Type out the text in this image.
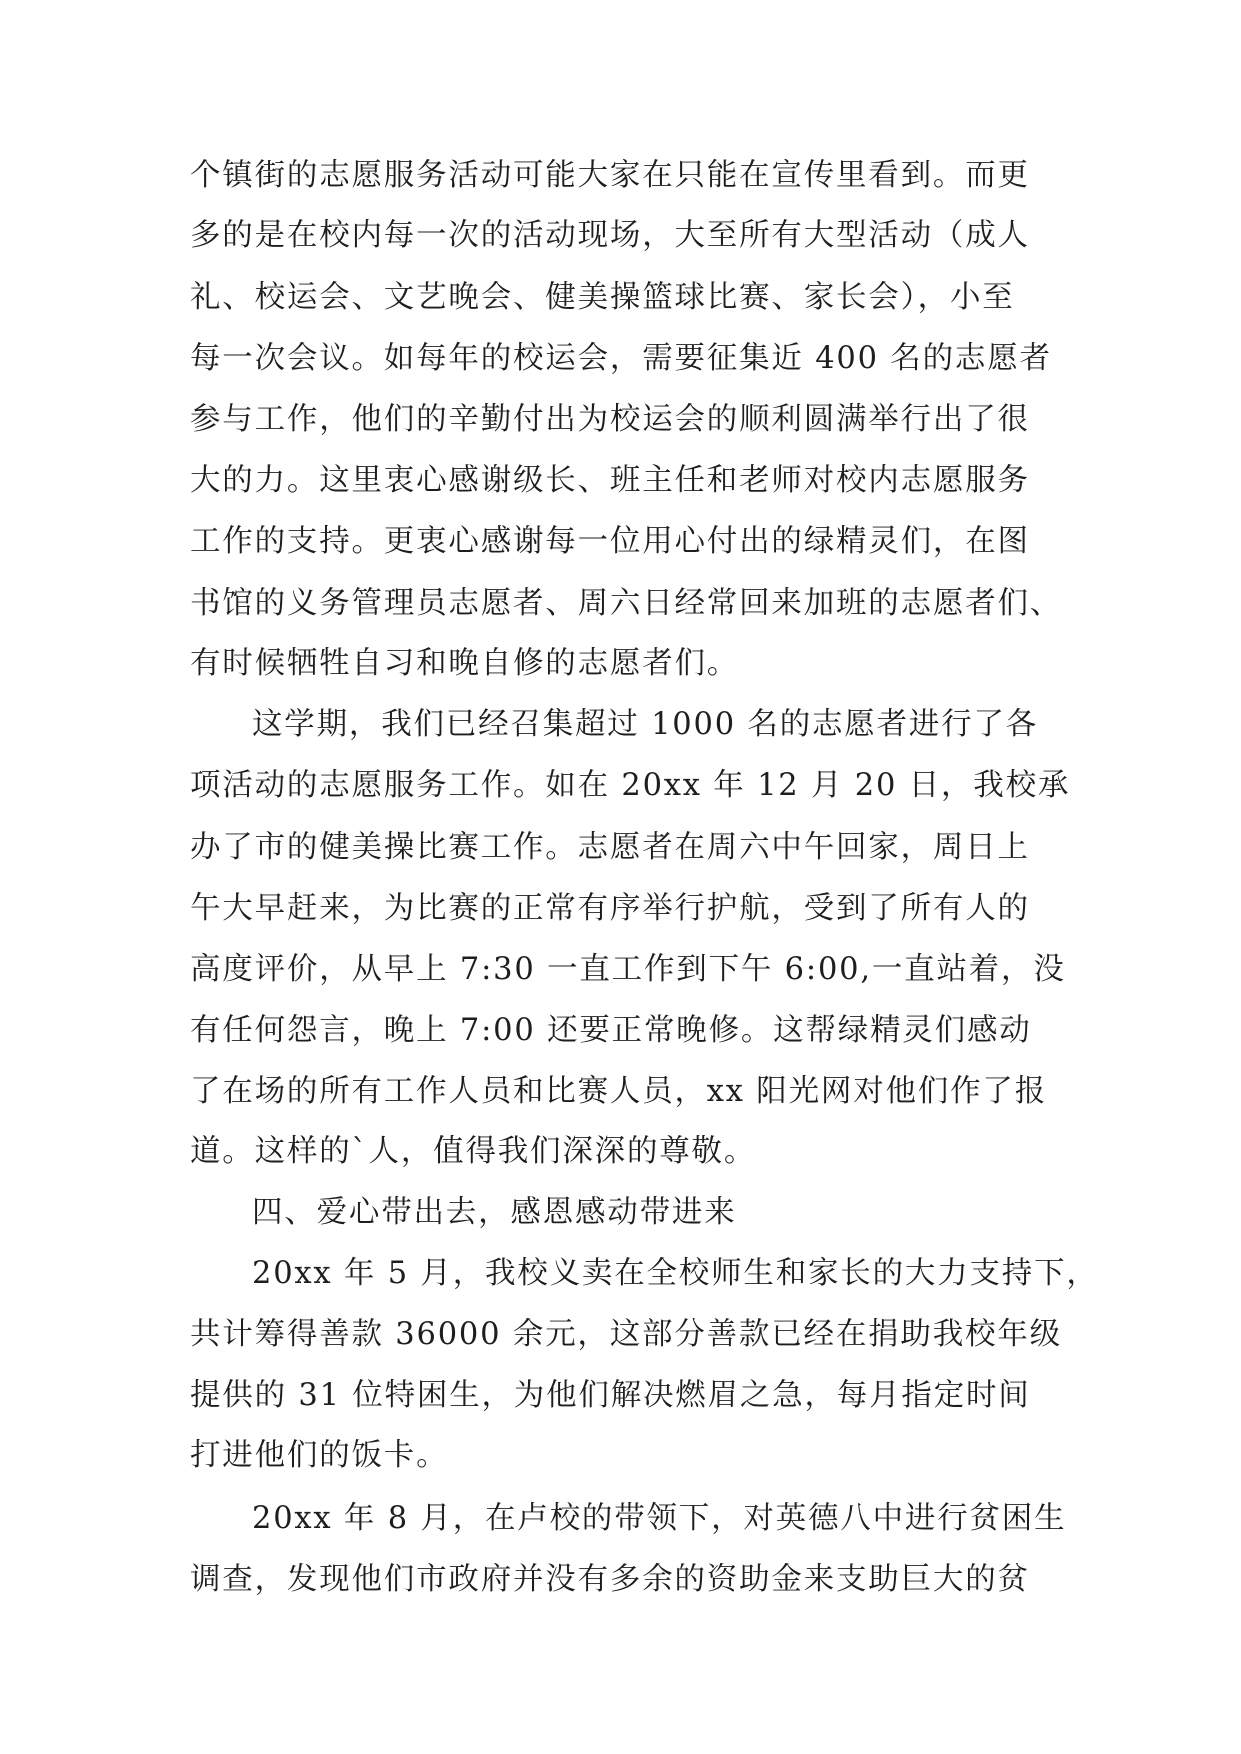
个镇街的志愿服务活动可能大家在只能在宣传里看到。而更
多的是在校内每一次的活动现场，大至所有大型活动（成人
礼、校运会、文艺晚会、健美操篮球比赛、家长会），小至
每一次会议。如每年的校运会，需要征集近 400 名的志愿者
参与工作，他们的辛勤付出为校运会的顺利圆满举行出了很
大的力。这里衷心感谢级长、班主任和老师对校内志愿服务
工作的支持。更衷心感谢每一位用心付出的绿精灵们，在图
书馆的义务管理员志愿者、周六日经常回来加班的志愿者们、
有时候牺牲自习和晚自修的志愿者们。
这学期，我们已经召集超过 1000 名的志愿者进行了各
项活动的志愿服务工作。如在 20xx 年 12 月 20 日，我校承
办了市的健美操比赛工作。志愿者在周六中午回家，周日上
午大早赶来，为比赛的正常有序举行护航，受到了所有人的
高度评价，从早上 7:30 一直工作到下午 6:00,一直站着，没
有任何怨言，晚上 7:00 还要正常晚修。这帮绿精灵们感动
了在场的所有工作人员和比赛人员，xx 阳光网对他们作了报
道。这样的`人，值得我们深深的尊敬。
四、爱心带出去，感恩感动带进来
20xx 年 5 月，我校义卖在全校师生和家长的大力支持下，
共计筹得善款 36000 余元，这部分善款已经在捐助我校年级
提供的 31 位特困生，为他们解决燃眉之急，每月指定时间
打进他们的饭卡。
20xx 年 8 月，在卢校的带领下，对英德八中进行贫困生
调查，发现他们市政府并没有多余的资助金来支助巨大的贫
